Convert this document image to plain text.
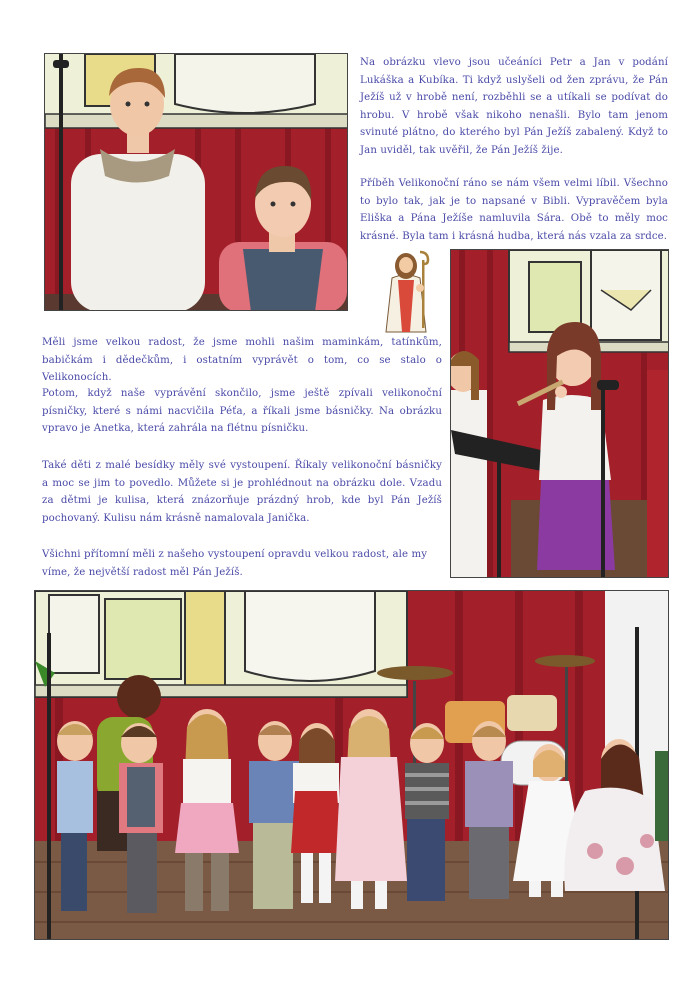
Na obrázku vlevo jsou učeáníci Petr a Jan v podání Lukáška a Kubíka. Ti když uslyšeli od žen zprávu, že Pán Ježíš už v hrobě není, rozběhli se a utíkali se podívat do hrobu. V hrobě však nikoho nenašli. Bylo tam jenom svinuté plátno, do kterého byl Pán Ježíš zabalený. Když to Jan uviděl, tak uvěřil, že Pán Ježíš žije.

Příběh Velikonoční ráno se nám všem velmi líbil. Všechno to bylo tak, jak je to napsané v Bibli. Vypravěčem byla Eliška a Pána Ježíše namluvila Sára. Obě to měly moc krásné. Byla tam i krásná hudba, která nás vzala za srdce.

Měli jsme velkou radost, že jsme mohli našim maminkám, tatínkům, babičkám i dědečkům, i ostatním vyprávět o tom, co se stalo o Velikonocích.

Potom, když naše vyprávění skončilo, jsme ještě zpívali velikonoční písničky, které s námi nacvičila Péťa, a říkali jsme básničky. Na obrázku vpravo je Anetka, která zahrála na flétnu písničku.

Také děti z malé besídky měly své vystoupení. Říkaly velikonoční básničky a moc se jim to povedlo. Můžete si je prohlédnout na obrázku dole. Vzadu za dětmi je kulisa, která znázorňuje prázdný hrob, kde byl Pán Ježíš pochovaný. Kulisu nám krásně namalovala Janička.

Všichni přítomní měli z našeho vystoupení opravdu velkou radost, ale my víme, že největší radost měl Pán Ježíš.
